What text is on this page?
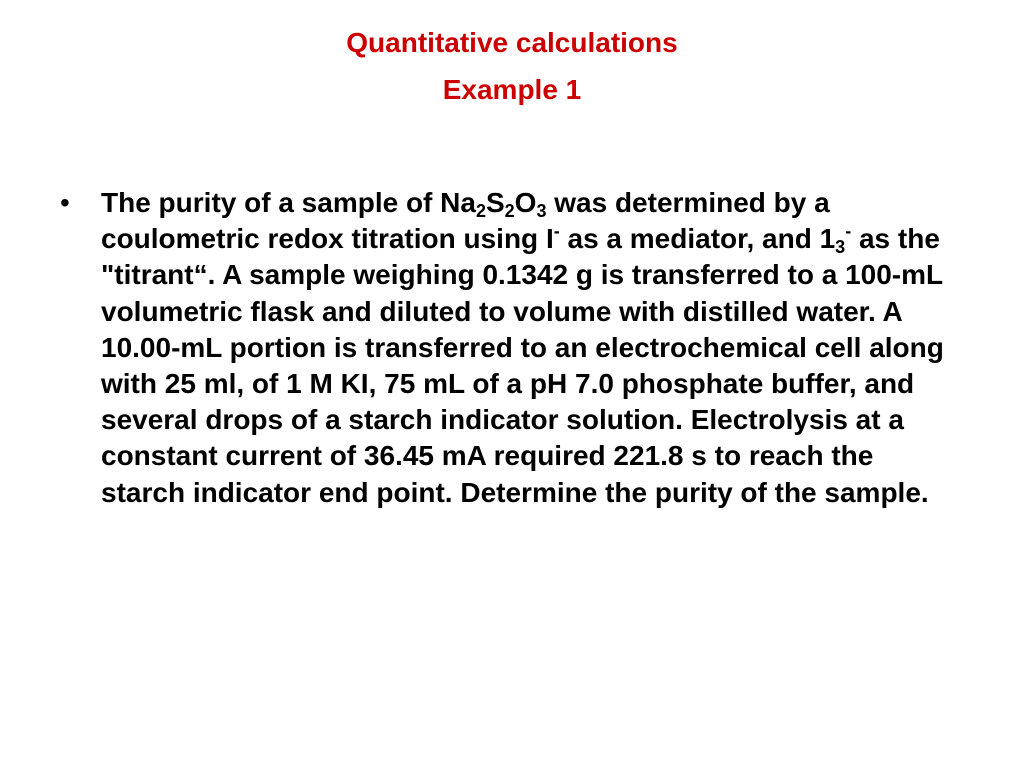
Quantitative calculations
Example 1
• The purity of a sample of $Na_2S_2O_3$ was determined by a coulometric redox titration using I- as a mediator, and $1_3^-$ as the "titrant“. A sample weighing 0.1342 g is transferred to a 100-mL volumetric flask and diluted to volume with distilled water. A 10.00-mL portion is transferred to an electrochemical cell along with 25 ml, of 1 M KI, 75 mL of a pH 7.0 phosphate buffer, and several drops of a starch indicator solution. Electrolysis at a constant current of 36.45 mA required 221.8 s to reach the starch indicator end point. Determine the purity of the sample.
